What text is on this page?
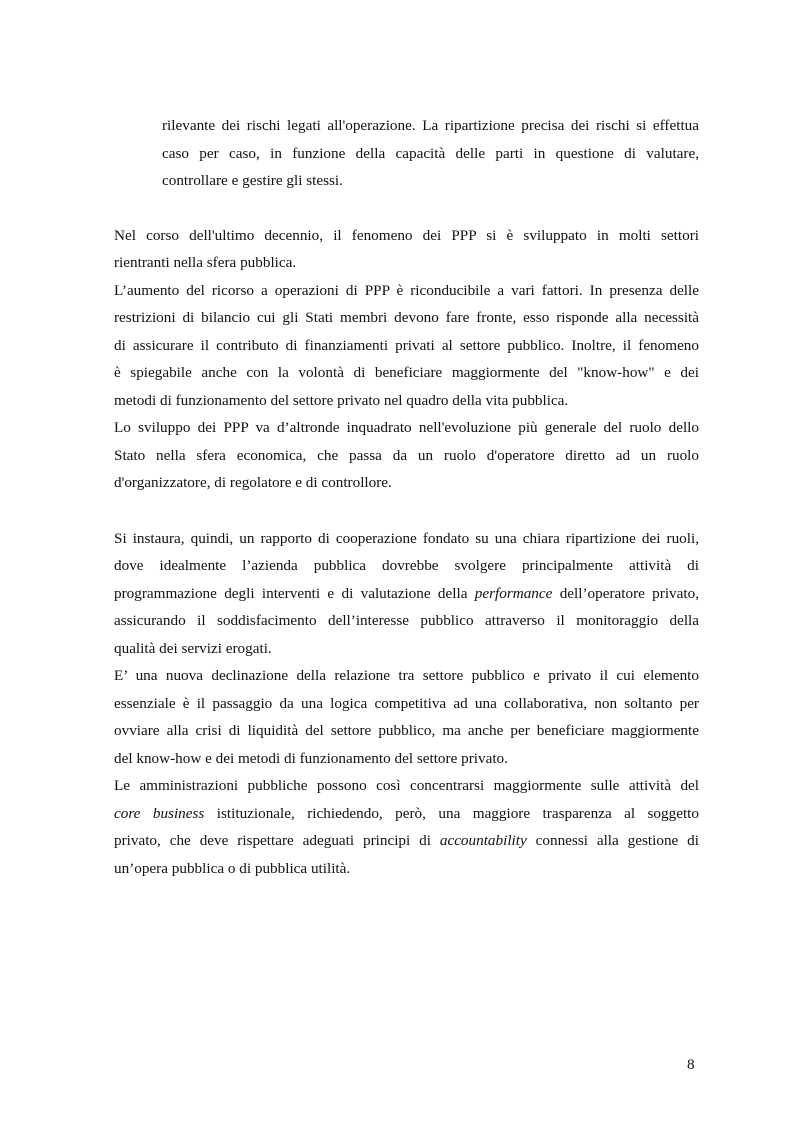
rilevante dei rischi legati all'operazione. La ripartizione precisa dei rischi si effettua

caso per caso, in funzione della capacità delle parti in questione di valutare,

controllare e gestire gli stessi.

Nel corso dell'ultimo decennio, il fenomeno dei PPP si è sviluppato in molti settori

rientranti nella sfera pubblica.

L’aumento del ricorso a operazioni di PPP è riconducibile a vari fattori. In presenza delle

restrizioni di bilancio cui gli Stati membri devono fare fronte, esso risponde alla necessità

di assicurare il contributo di finanziamenti privati al settore pubblico. Inoltre, il fenomeno

è spiegabile anche con la volontà di beneficiare maggiormente del "know-how" e dei

metodi di funzionamento del settore privato nel quadro della vita pubblica.

Lo sviluppo dei PPP va d’altronde inquadrato nell'evoluzione più generale del ruolo dello

Stato nella sfera economica, che passa da un ruolo d'operatore diretto ad un ruolo

d'organizzatore, di regolatore e di controllore.

Si instaura, quindi, un rapporto di cooperazione fondato su una chiara ripartizione dei ruoli,

dove idealmente l’azienda pubblica dovrebbe svolgere principalmente attività di

programmazione degli interventi e di valutazione della performance dell’operatore privato,

assicurando il soddisfacimento dell’interesse pubblico attraverso il monitoraggio della

qualità dei servizi erogati.

E’ una nuova declinazione della relazione tra settore pubblico e privato il cui elemento

essenziale è il passaggio da una logica competitiva ad una collaborativa, non soltanto per

ovviare alla crisi di liquidità del settore pubblico, ma anche per beneficiare maggiormente

del know-how e dei metodi di funzionamento del settore privato.

Le amministrazioni pubbliche possono così concentrarsi maggiormente sulle attività del

core business istituzionale, richiedendo, però, una maggiore trasparenza al soggetto

privato, che deve rispettare adeguati principi di accountability connessi alla gestione di

un’opera pubblica o di pubblica utilità.

8
